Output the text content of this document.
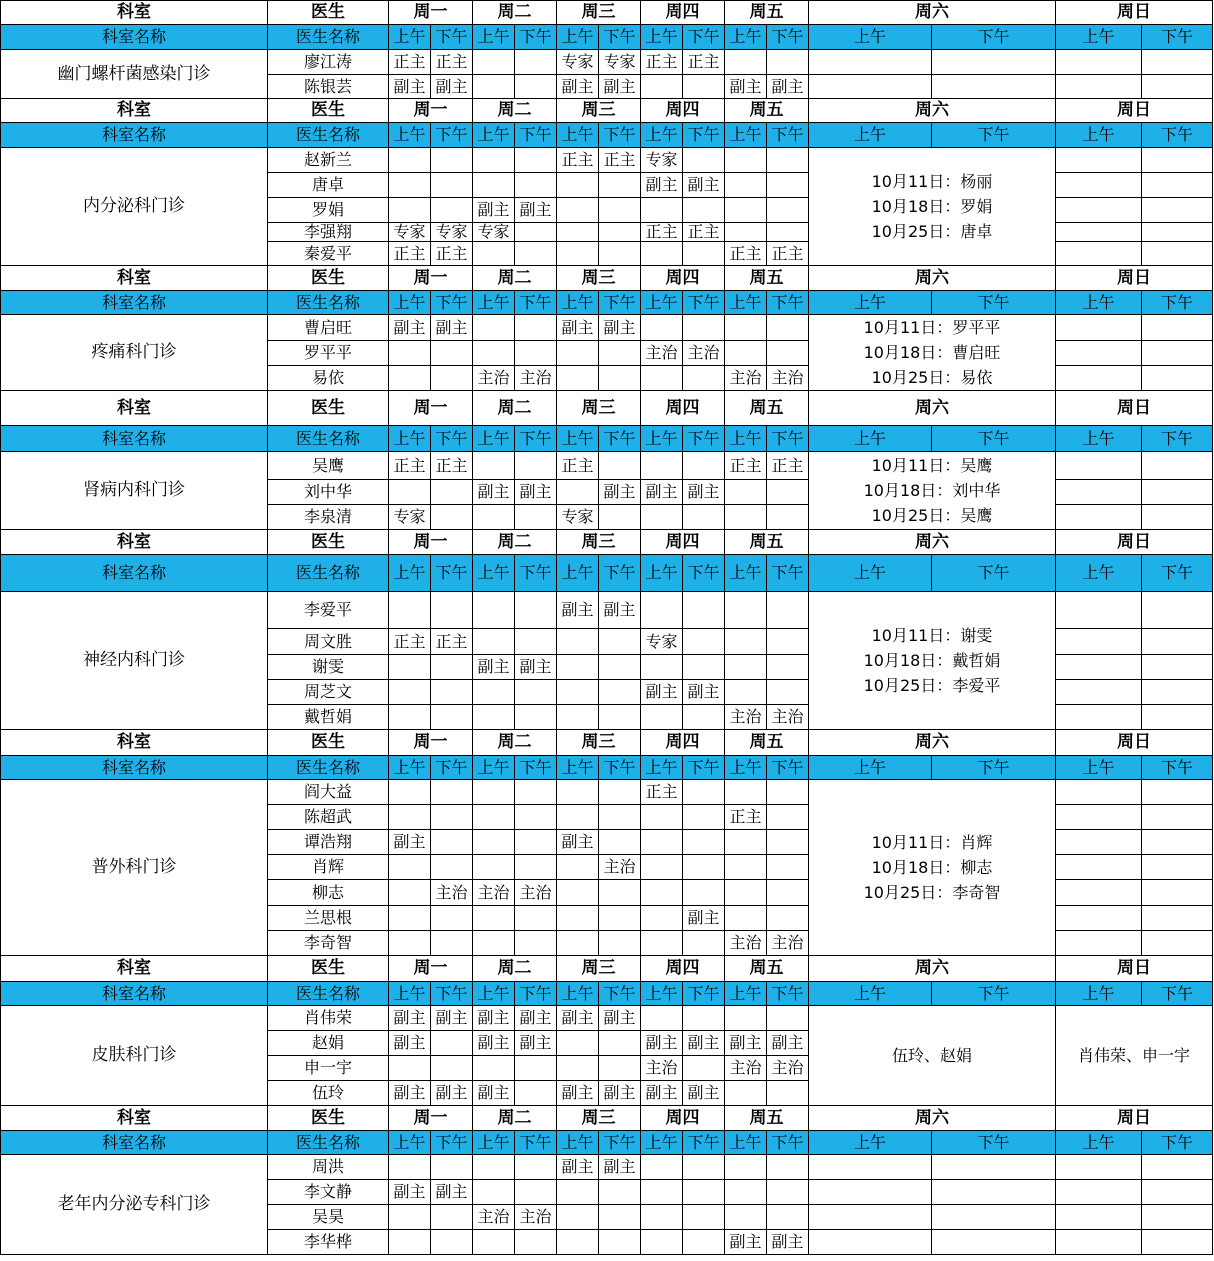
科室	医生	周一		周二		周三		周四		周五		周六		周日	
科室名称	医生名称	上午	下午	上午	下午	上午	下午	上午	下午	上午	下午	上午	下午	上午	下午
幽门螺杆菌感染门诊	廖江涛	正主	正主			专家	专家	正主	正主						
	陈银芸	副主	副主			副主	副主			副主	副主				
科室	医生	周一		周二		周三		周四		周五		周六		周日	
科室名称	医生名称	上午	下午	上午	下午	上午	下午	上午	下午	上午	下午	上午	下午	上午	下午
内分泌科门诊	赵新兰					正主	正主	专家				10月11日：杨丽
10月18日：罗娟
10月25日：唐卓			

	唐卓							副主	副主						
	罗娟			副主	副主										
	李强翔	专家	专家	专家				正主	正主						
	秦爱平	正主	正主							正主	正主				
科室	医生	周一		周二		周三		周四		周五		周六		周日	
科室名称	医生名称	上午	下午	上午	下午	上午	下午	上午	下午	上午	下午	上午	下午	上午	下午
疼痛科门诊	曹启旺	副主	副主			副主	副主					10月11日：罗平平
10月18日：曹启旺
10月25日：易依			

	罗平平							主治	主治						
	易依			主治	主治					主治	主治				
科室	医生	周一		周二		周三		周四		周五		周六		周日	
科室名称	医生名称	上午	下午	上午	下午	上午	下午	上午	下午	上午	下午	上午	下午	上午	下午
肾病内科门诊	吴鹰	正主	正主			正主				正主	正主	10月11日：吴鹰
10月18日：刘中华
10月25日：吴鹰			

	刘中华			副主	副主		副主	副主	副主						
	李泉清	专家				专家									
科室	医生	周一		周二		周三		周四		周五		周六		周日	
科室名称	医生名称	上午	下午	上午	下午	上午	下午	上午	下午	上午	下午	上午	下午	上午	下午
神经内科门诊	李爱平					副主	副主					10月11日：谢雯
10月18日：戴哲娟
10月25日：李爱平			

	周文胜	正主	正主					专家							
	谢雯			副主	副主										
	周芝文							副主	副主						
	戴哲娟									主治	主治				
科室	医生	周一		周二		周三		周四		周五		周六		周日	
科室名称	医生名称	上午	下午	上午	下午	上午	下午	上午	下午	上午	下午	上午	下午	上午	下午
普外科门诊	阎大益							正主				10月11日：肖辉
10月18日：柳志
10月25日：李奇智			

	陈超武									正主					
	谭浩翔	副主				副主									
	肖辉						主治								
	柳志		主治	主治	主治										
	兰思根								副主						
	李奇智									主治	主治				
科室	医生	周一		周二		周三		周四		周五		周六		周日	
科室名称	医生名称	上午	下午	上午	下午	上午	下午	上午	下午	上午	下午	上午	下午	上午	下午
皮肤科门诊	肖伟荣	副主	副主	副主	副主	副主	副主					伍玲、赵娟		肖伟荣、申一宇	

	赵娟	副主		副主	副主			副主	副主	副主	副主				
	申一宇							主治		主治	主治				
	伍玲	副主	副主	副主		副主	副主	副主	副主						
科室	医生	周一		周二		周三		周四		周五		周六		周日	
科室名称	医生名称	上午	下午	上午	下午	上午	下午	上午	下午	上午	下午	上午	下午	上午	下午
老年内分泌专科门诊	周洪					副主	副主								
	李文静	副主	副主												
	吴昊			主治	主治										
	李华桦									副主	副主				
